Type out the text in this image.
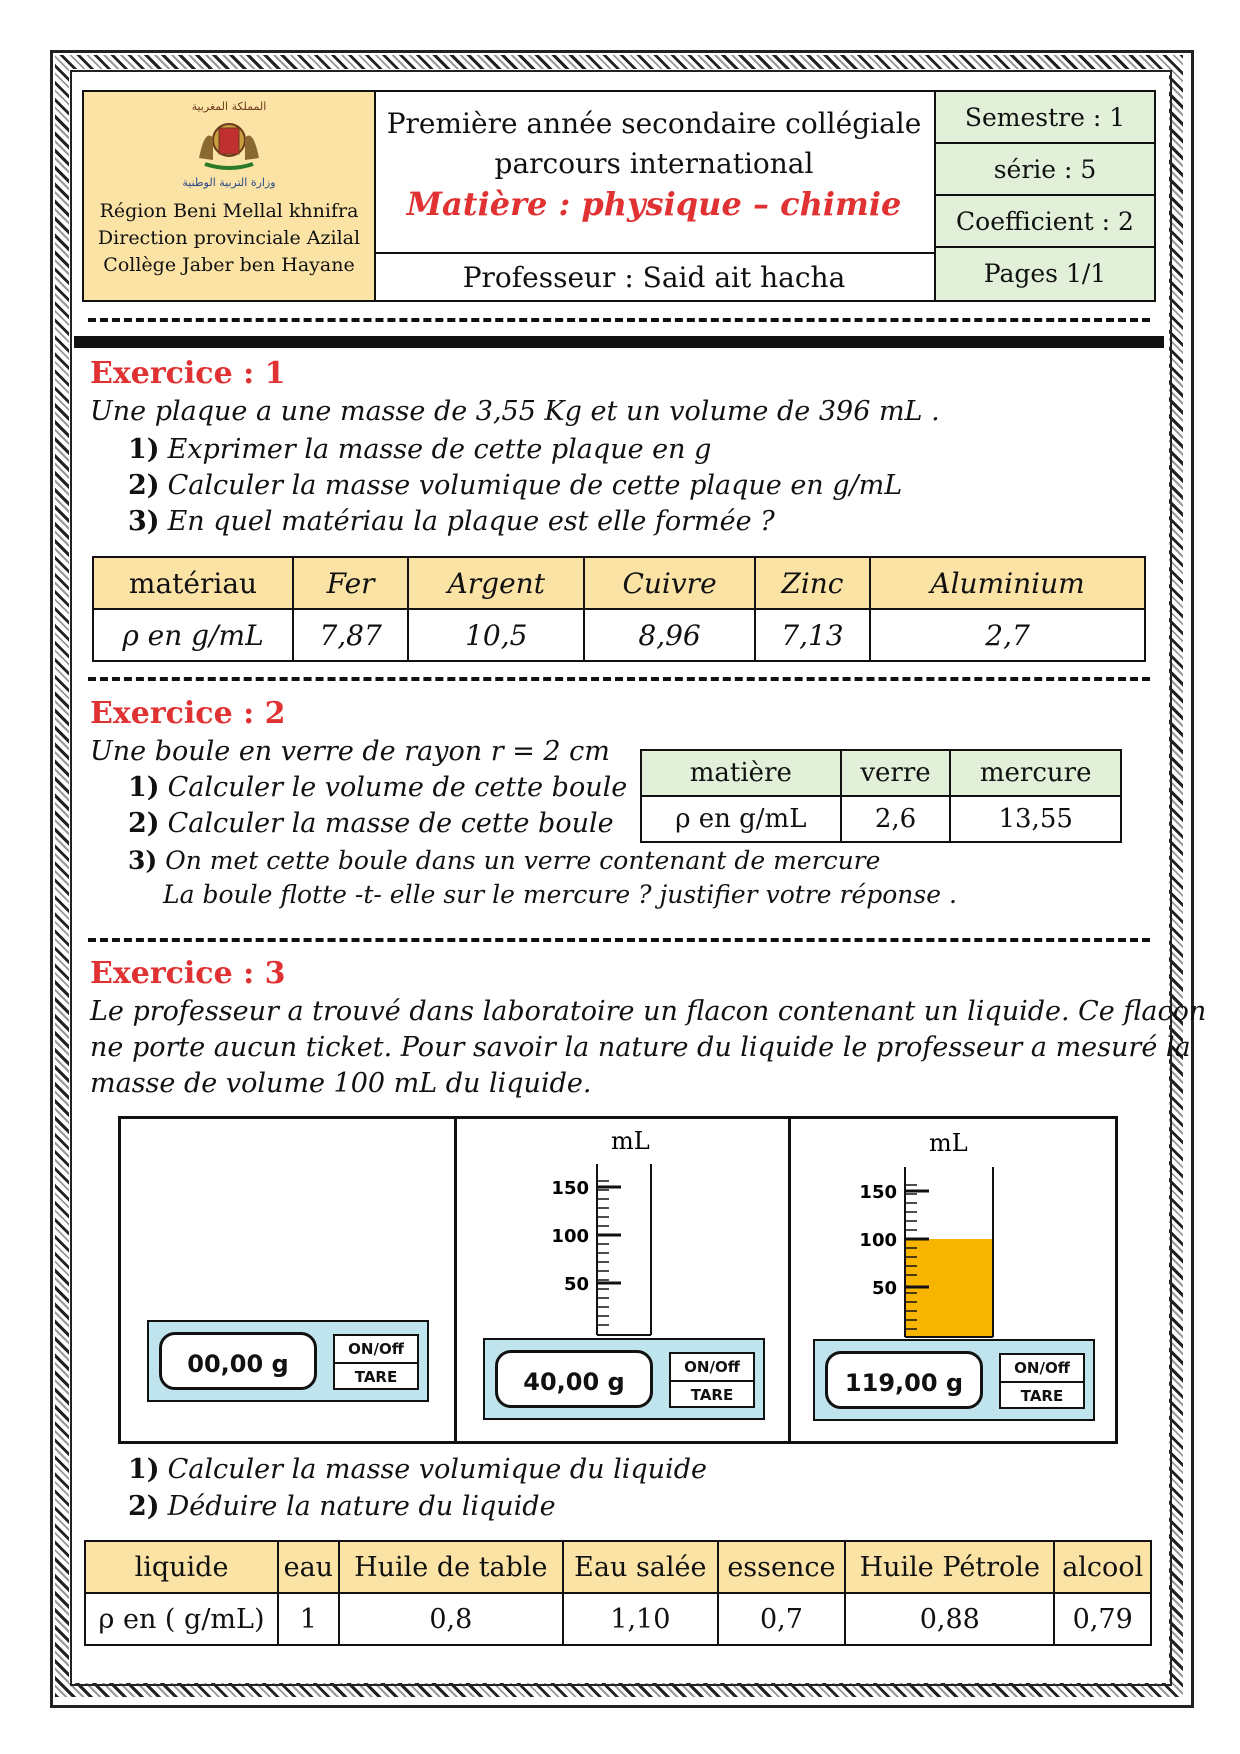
المملكة المغربية
وزارة التربية الوطنية
Région Beni Mellal khnifra
Direction provinciale Azilal
Collège Jaber ben Hayane
Première année secondaire collégiale
parcours international
Matière : physique – chimie
Professeur : Said ait hacha
Semestre : 1
série : 5
Coefficient : 2
Pages 1/1
Exercice : 1
Une plaque a une masse de 3,55 Kg et un volume de 396 mL .
1) Exprimer la masse de cette plaque en g
2) Calculer la masse volumique de cette plaque en g/mL
3) En quel matériau la plaque est elle formée ?
matériau	Fer	Argent	Cuivre	Zinc	Aluminium
ρ en g/mL	7,87	10,5	8,96	7,13	2,7
Exercice : 2
Une boule en verre de rayon r = 2 cm
1) Calculer le volume de cette boule
2) Calculer la masse de cette boule
3) On met cette boule dans un verre contenant de mercure
La boule flotte -t- elle sur le mercure ? justifier votre réponse .
matière	verre	mercure
ρ en g/mL	2,6	13,55
Exercice : 3
Le professeur a trouvé dans laboratoire un flacon contenant un liquide. Ce flacon
ne porte aucun ticket. Pour savoir la nature du liquide le professeur a mesuré la
masse de volume 100 mL du liquide.
00,00 g
ON/Off
TARE
mL
150
100
50
40,00 g
ON/Off
TARE
mL
150
100
50
119,00 g
ON/Off
TARE
1) Calculer la masse volumique du liquide
2) Déduire la nature du liquide
liquide	eau	Huile de table	Eau salée	essence	Huile Pétrole	alcool
ρ en ( g/mL)	1	0,8	1,10	0,7	0,88	0,79
